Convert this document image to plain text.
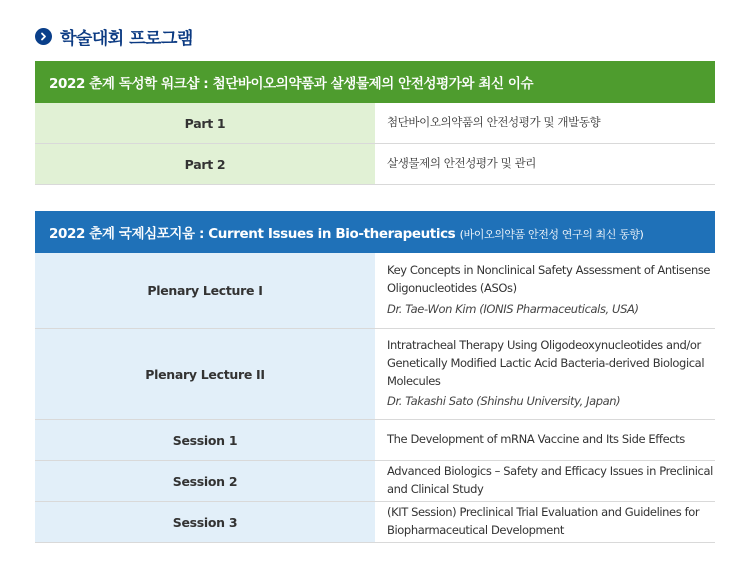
학술대회 프로그램
2022 춘계 독성학 워크샵 : 첨단바이오의약품과 살생물제의 안전성평가와 최신 이슈	
Part 1	첨단바이오의약품의 안전성평가 및 개발동향
Part 2	살생물제의 안전성평가 및 관리
2022 춘계 국제심포지움 : Current Issues in Bio-therapeutics (바이오의약품 안전성 연구의 최신 동향)	
Plenary Lecture I	Key Concepts in Nonclinical Safety Assessment of Antisense Oligonucleotides (ASOs)
Dr. Tae-Won Kim (IONIS Pharmaceuticals, USA)

Plenary Lecture II	Intratracheal Therapy Using Oligodeoxynucleotides and/or Genetically Modified Lactic Acid Bacteria-derived Biological Molecules
Dr. Takashi Sato (Shinshu University, Japan)

Session 1	The Development of mRNA Vaccine and Its Side Effects
Session 2	Advanced Biologics – Safety and Efficacy Issues in Preclinical and Clinical Study
Session 3	(KIT Session) Preclinical Trial Evaluation and Guidelines for Biopharmaceutical Development
